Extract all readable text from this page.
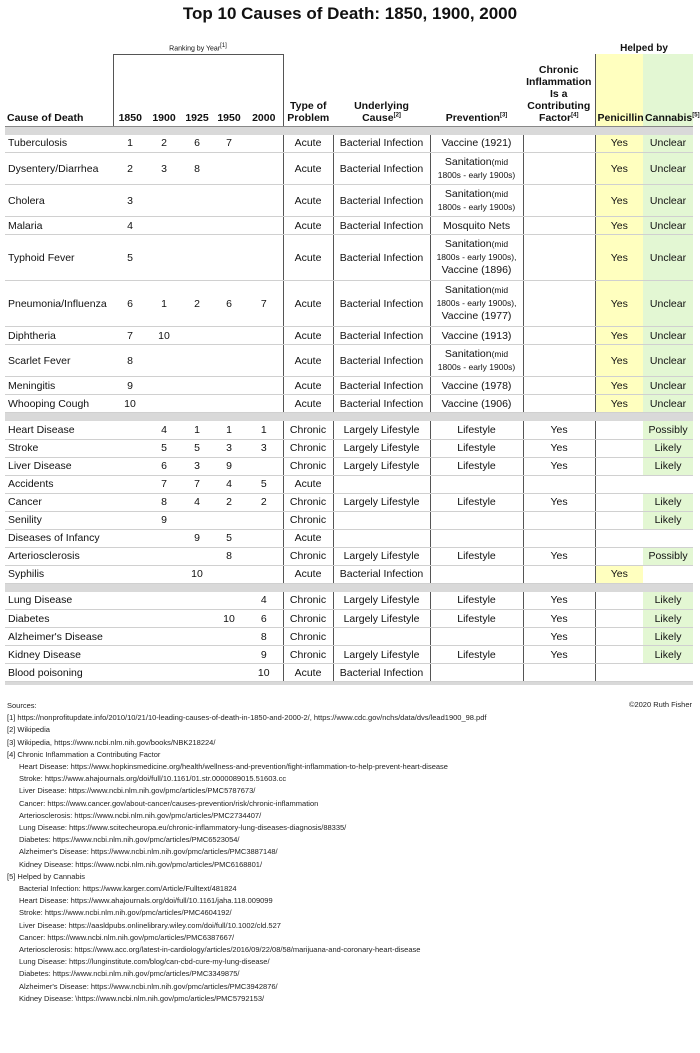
Top 10 Causes of Death: 1850, 1900, 2000
	Ranking by Year[1]									Helped by	
Cause of Death	1850	1900	1925	1950	2000	Type of Problem	Underlying Cause[2]	Prevention[3]	Chronic Inflammation Is a Contributing Factor[4]	Penicillin	Cannabis[5]

Tuberculosis	1	2	6	7		Acute	Bacterial Infection	Vaccine (1921)		Yes	Unclear
Dysentery/Diarrhea	2	3	8			Acute	Bacterial Infection	Sanitation(mid 1800s - early 1900s)		Yes	Unclear
Cholera	3					Acute	Bacterial Infection	Sanitation(mid 1800s - early 1900s)		Yes	Unclear
Malaria	4					Acute	Bacterial Infection	Mosquito Nets		Yes	Unclear
Typhoid Fever	5					Acute	Bacterial Infection	Sanitation(mid 1800s - early 1900s),
Vaccine (1896)		Yes	Unclear
Pneumonia/Influenza	6	1	2	6	7	Acute	Bacterial Infection	Sanitation(mid 1800s - early 1900s),
Vaccine (1977)		Yes	Unclear
Diphtheria	7	10				Acute	Bacterial Infection	Vaccine (1913)		Yes	Unclear
Scarlet Fever	8					Acute	Bacterial Infection	Sanitation(mid 1800s - early 1900s)		Yes	Unclear
Meningitis	9					Acute	Bacterial Infection	Vaccine (1978)		Yes	Unclear
Whooping Cough	10					Acute	Bacterial Infection	Vaccine (1906)		Yes	Unclear

Heart Disease		4	1	1	1	Chronic	Largely Lifestyle	Lifestyle	Yes		Possibly
Stroke		5	5	3	3	Chronic	Largely Lifestyle	Lifestyle	Yes		Likely
Liver Disease		6	3	9		Chronic	Largely Lifestyle	Lifestyle	Yes		Likely
Accidents		7	7	4	5	Acute					
Cancer		8	4	2	2	Chronic	Largely Lifestyle	Lifestyle	Yes		Likely
Senility		9				Chronic					Likely
Diseases of Infancy			9	5		Acute					
Arteriosclerosis				8		Chronic	Largely Lifestyle	Lifestyle	Yes		Possibly
Syphilis			10			Acute	Bacterial Infection			Yes	

Lung Disease					4	Chronic	Largely Lifestyle	Lifestyle	Yes		Likely
Diabetes				10	6	Chronic	Largely Lifestyle	Lifestyle	Yes		Likely
Alzheimer's Disease					8	Chronic			Yes		Likely
Kidney Disease					9	Chronic	Largely Lifestyle	Lifestyle	Yes		Likely
Blood poisoning					10	Acute	Bacterial Infection				

©2020 Ruth Fisher
Sources:
[1] https://nonprofitupdate.info/2010/10/21/10-leading-causes-of-death-in-1850-and-2000-2/, https://www.cdc.gov/nchs/data/dvs/lead1900_98.pdf
[2] Wikipedia
[3] Wikipedia, https://www.ncbi.nlm.nih.gov/books/NBK218224/
[4] Chronic Inflammation a Contributing Factor
Heart Disease: https://www.hopkinsmedicine.org/health/wellness-and-prevention/fight-inflammation-to-help-prevent-heart-disease
Stroke: https://www.ahajournals.org/doi/full/10.1161/01.str.0000089015.51603.cc
Liver Disease: https://www.ncbi.nlm.nih.gov/pmc/articles/PMC5787673/
Cancer: https://www.cancer.gov/about-cancer/causes-prevention/risk/chronic-inflammation
Arteriosclerosis: https://www.ncbi.nlm.nih.gov/pmc/articles/PMC2734407/
Lung Disease: https://www.scitecheuropa.eu/chronic-inflammatory-lung-diseases-diagnosis/88335/
Diabetes: https://www.ncbi.nlm.nih.gov/pmc/articles/PMC6523054/
Alzheimer's Disease: https://www.ncbi.nlm.nih.gov/pmc/articles/PMC3887148/
Kidney Disease: https://www.ncbi.nlm.nih.gov/pmc/articles/PMC6168801/
[5] Helped by Cannabis
Bacterial Infection: https://www.karger.com/Article/Fulltext/481824
Heart Disease: https://www.ahajournals.org/doi/full/10.1161/jaha.118.009099
Stroke: https://www.ncbi.nlm.nih.gov/pmc/articles/PMC4604192/
Liver Disease: https://aasldpubs.onlinelibrary.wiley.com/doi/full/10.1002/cld.527
Cancer: https://www.ncbi.nlm.nih.gov/pmc/articles/PMC6387667/
Arteriosclerosis: https://www.acc.org/latest-in-cardiology/articles/2016/09/22/08/58/marijuana-and-coronary-heart-disease
Lung Disease: https://lunginstitute.com/blog/can-cbd-cure-my-lung-disease/
Diabetes: https://www.ncbi.nlm.nih.gov/pmc/articles/PMC3349875/
Alzheimer's Disease: https://www.ncbi.nlm.nih.gov/pmc/articles/PMC3942876/
Kidney Disease: \https://www.ncbi.nlm.nih.gov/pmc/articles/PMC5792153/
